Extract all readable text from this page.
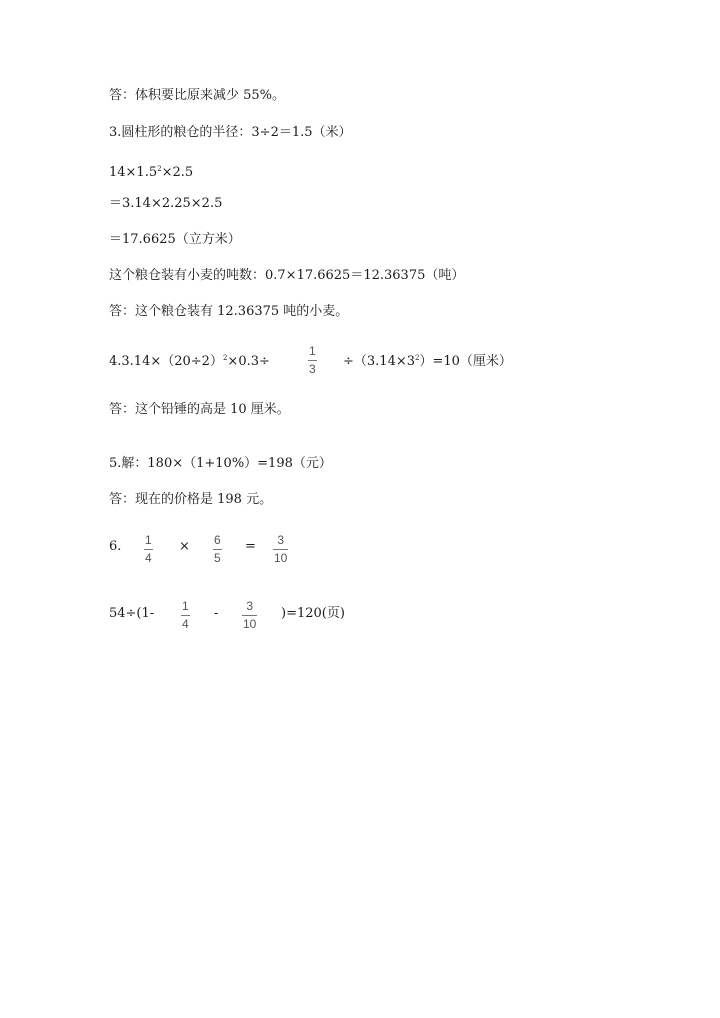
答：体积要比原来减少 55%。
3.圆柱形的粮仓的半径：3÷2＝1.5（米）
$14\times 1.5^2\times 2.5$
＝3.14×2.25×2.5
＝17.6625（立方米）
这个粮仓装有小麦的吨数：0.7×17.6625＝12.36375（吨）
答：这个粮仓装有 12.36375 吨的小麦。
$4.3.14\times(20\div 2)^2\times 0.3\div$
1
$3 \div(3.14\times 3^2)=10$（厘米）
答：这个铅锤的高是 10 厘米。
5.解：180×（1+10%）=198（元）
答：现在的价格是 198 元。
6. 1
4
× 6
5
= 3
10
54÷(1- 1
4
- 3
10
)=120(页)
